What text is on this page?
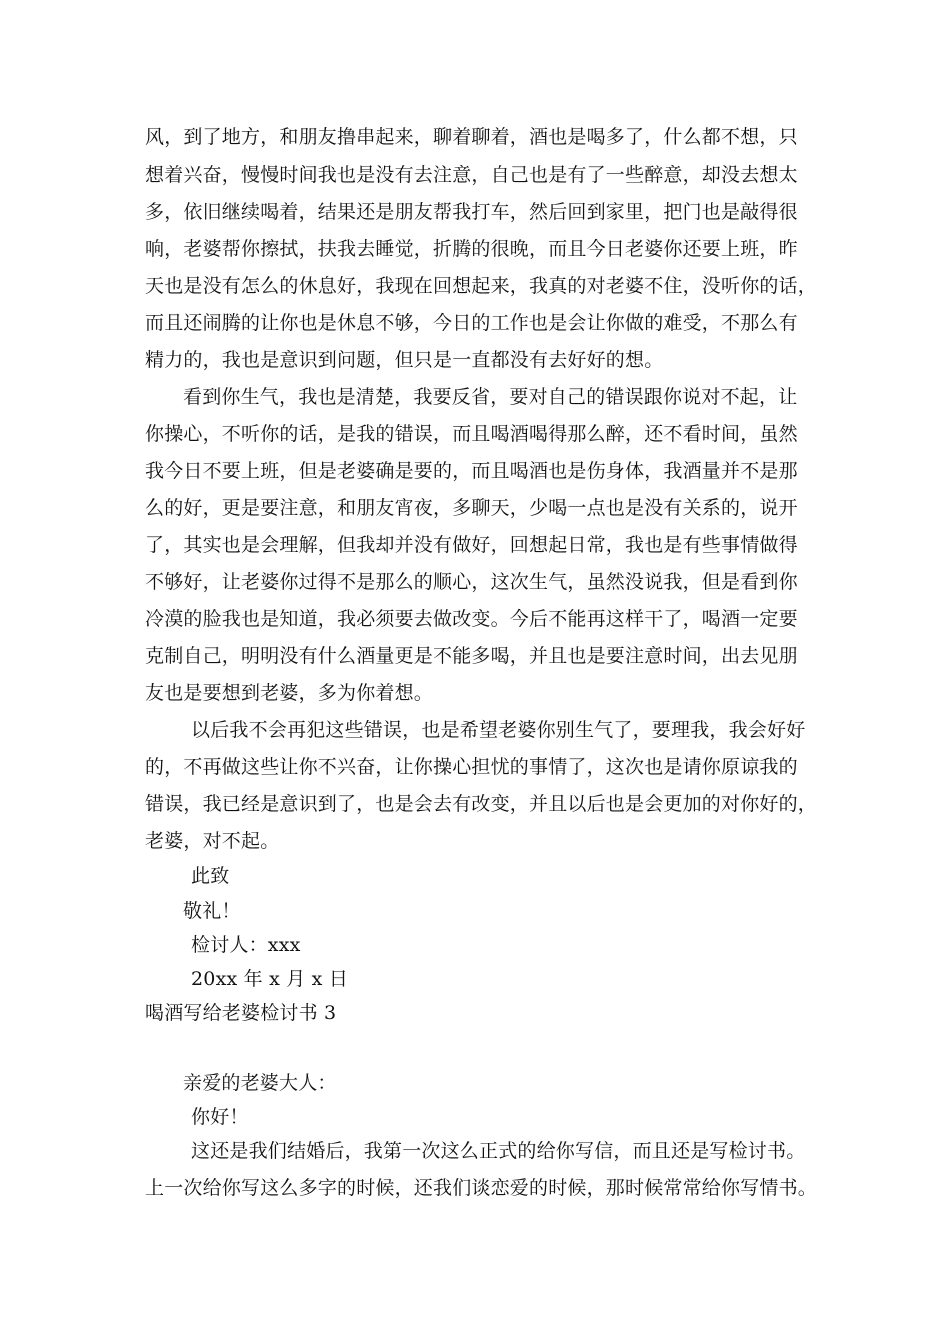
风，到了地方，和朋友撸串起来，聊着聊着，酒也是喝多了，什么都不想，只
想着兴奋，慢慢时间我也是没有去注意，自己也是有了一些醉意，却没去想太
多，依旧继续喝着，结果还是朋友帮我打车，然后回到家里，把门也是敲得很
响，老婆帮你擦拭，扶我去睡觉，折腾的很晚，而且今日老婆你还要上班，昨
天也是没有怎么的休息好，我现在回想起来，我真的对老婆不住，没听你的话，
而且还闹腾的让你也是休息不够，今日的工作也是会让你做的难受，不那么有
精力的，我也是意识到问题，但只是一直都没有去好好的想。
看到你生气，我也是清楚，我要反省，要对自己的错误跟你说对不起，让
你操心，不听你的话，是我的错误，而且喝酒喝得那么醉，还不看时间，虽然
我今日不要上班，但是老婆确是要的，而且喝酒也是伤身体，我酒量并不是那
么的好，更是要注意，和朋友宵夜，多聊天，少喝一点也是没有关系的，说开
了，其实也是会理解，但我却并没有做好，回想起日常，我也是有些事情做得
不够好，让老婆你过得不是那么的顺心，这次生气，虽然没说我，但是看到你
冷漠的脸我也是知道，我必须要去做改变。今后不能再这样干了，喝酒一定要
克制自己，明明没有什么酒量更是不能多喝，并且也是要注意时间，出去见朋
友也是要想到老婆，多为你着想。
以后我不会再犯这些错误，也是希望老婆你别生气了，要理我，我会好好
的，不再做这些让你不兴奋，让你操心担忧的事情了，这次也是请你原谅我的
错误，我已经是意识到了，也是会去有改变，并且以后也是会更加的对你好的，
老婆，对不起。
此致
敬礼！
检讨人：xxx
20xx 年 x 月 x 日
喝酒写给老婆检讨书 3
亲爱的老婆大人：
你好！
这还是我们结婚后，我第一次这么正式的给你写信，而且还是写检讨书。
上一次给你写这么多字的时候，还我们谈恋爱的时候，那时候常常给你写情书。
